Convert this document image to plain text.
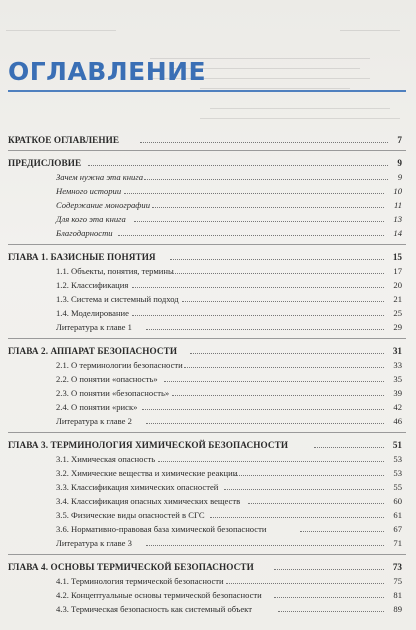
ОГЛАВЛЕНИЕ
КРАТКОЕ ОГЛАВЛЕНИЕ	7
ПРЕДИСЛОВИЕ	9
Зачем нужна эта книга	9
Немного истории	10
Содержание монографии	11
Для кого эта книга	13
Благодарности	14
ГЛАВА 1. БАЗИСНЫЕ ПОНЯТИЯ	15
1.1. Объекты, понятия, термины	17
1.2. Классификация	20
1.3. Система и системный подход	21
1.4. Моделирование	25
Литература к главе 1	29
ГЛАВА 2. АППАРАТ БЕЗОПАСНОСТИ	31
2.1. О терминологии безопасности	33
2.2. О понятии «опасность»	35
2.3. О понятии «безопасность»	39
2.4. О понятии «риск»	42
Литература к главе 2	46
ГЛАВА 3. ТЕРМИНОЛОГИЯ ХИМИЧЕСКОЙ БЕЗОПАСНОСТИ	51
3.1. Химическая опасность	53
3.2. Химические вещества и химические реакции	53
3.3. Классификация химических опасностей	55
3.4. Классификация опасных химических веществ	60
3.5. Физические виды опасностей в СГС	61
3.6. Нормативно-правовая база химической безопасности	67
Литература к главе 3	71
ГЛАВА 4. ОСНОВЫ ТЕРМИЧЕСКОЙ БЕЗОПАСНОСТИ	73
4.1. Терминология термической безопасности	75
4.2. Концептуальные основы термической безопасности	81
4.3. Термическая безопасность как системный объект	89
